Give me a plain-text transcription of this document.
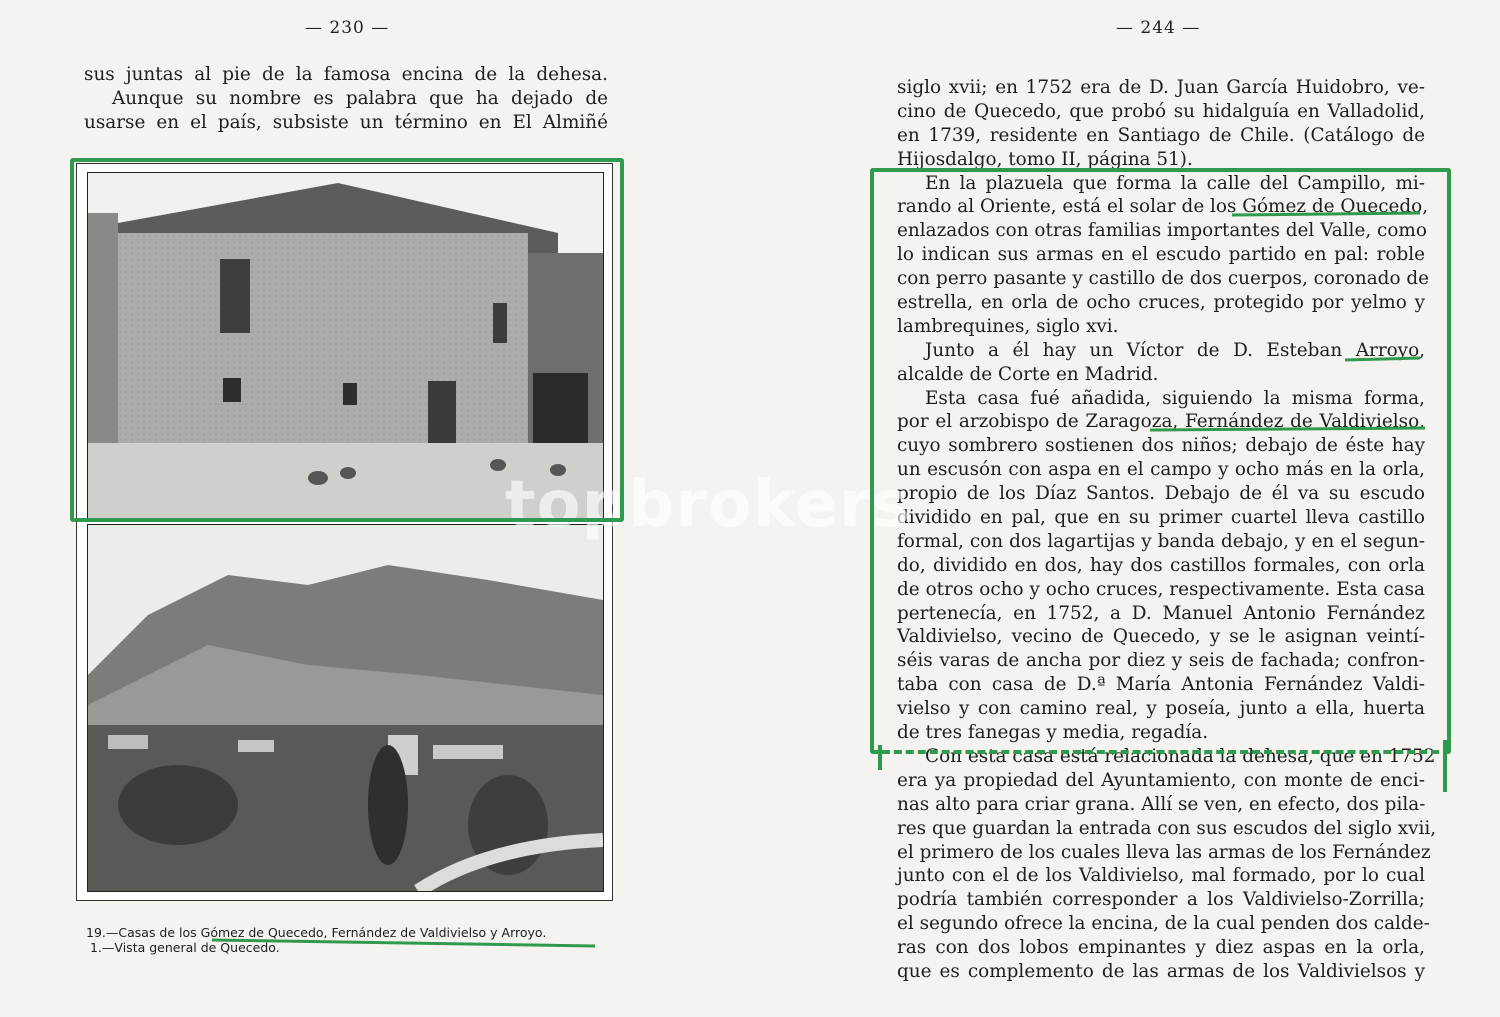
— 230 —
sus juntas al pie de la famosa encina de la dehesa.
Aunque su nombre es palabra que ha dejado de
usarse en el país, subsiste un término en El Almiñé
19.—Casas de los Gómez de Quecedo, Fernández de Valdivielso y Arroyo.
1.—Vista general de Quecedo.
— 244 —
siglo xvii; en 1752 era de D. Juan García Huidobro, ve-
cino de Quecedo, que probó su hidalguía en Valladolid,
en 1739, residente en Santiago de Chile. (Catálogo de
Hijosdalgo, tomo II, página 51).
En la plazuela que forma la calle del Campillo, mi-
rando al Oriente, está el solar de los Gómez de Quecedo,
enlazados con otras familias importantes del Valle, como
lo indican sus armas en el escudo partido en pal: roble
con perro pasante y castillo de dos cuerpos, coronado de
estrella, en orla de ocho cruces, protegido por yelmo y
lambrequines, siglo xvi.
Junto a él hay un Víctor de D. Esteban Arroyo,
alcalde de Corte en Madrid.
Esta casa fué añadida, siguiendo la misma forma,
por el arzobispo de Zaragoza, Fernández de Valdivielso,
cuyo sombrero sostienen dos niños; debajo de éste hay
un escusón con aspa en el campo y ocho más en la orla,
propio de los Díaz Santos. Debajo de él va su escudo
dividido en pal, que en su primer cuartel lleva castillo
formal, con dos lagartijas y banda debajo, y en el segun-
do, dividido en dos, hay dos castillos formales, con orla
de otros ocho y ocho cruces, respectivamente. Esta casa
pertenecía, en 1752, a D. Manuel Antonio Fernández
Valdivielso, vecino de Quecedo, y se le asignan veintí-
séis varas de ancha por diez y seis de fachada; confron-
taba con casa de D.ª María Antonia Fernández Valdi-
vielso y con camino real, y poseía, junto a ella, huerta
de tres fanegas y media, regadía.
Con esta casa está relacionada la dehesa, que en 1752
era ya propiedad del Ayuntamiento, con monte de enci-
nas alto para criar grana. Allí se ven, en efecto, dos pila-
res que guardan la entrada con sus escudos del siglo xvii,
el primero de los cuales lleva las armas de los Fernández
junto con el de los Valdivielso, mal formado, por lo cual
podría también corresponder a los Valdivielso-Zorrilla;
el segundo ofrece la encina, de la cual penden dos calde-
ras con dos lobos empinantes y diez aspas en la orla,
que es complemento de las armas de los Valdivielsos y
topbrokers
